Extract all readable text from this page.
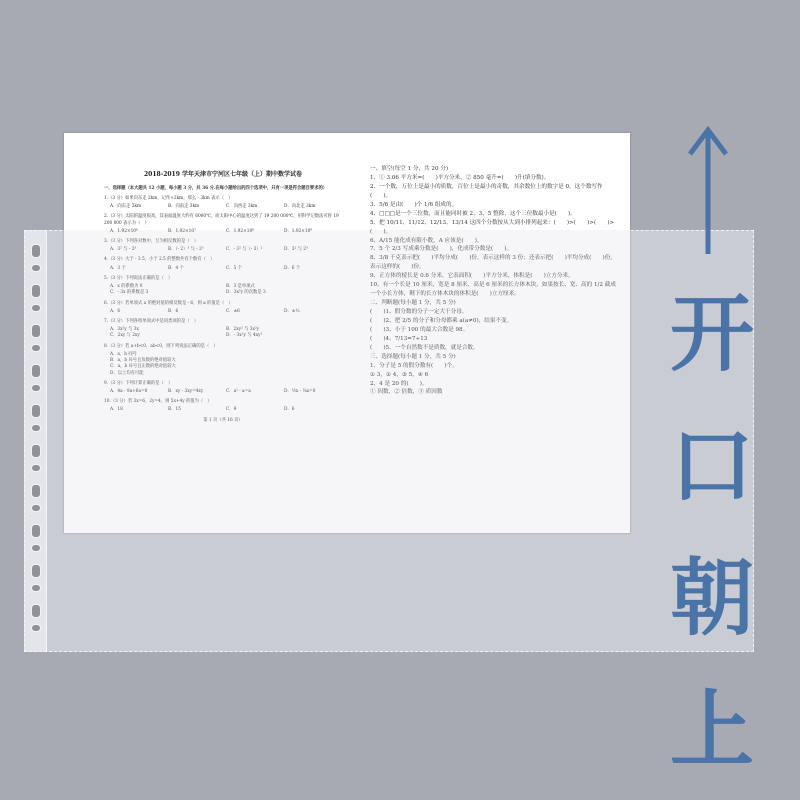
2018-2019 学年天津市宁河区七年级（上）期中数学试卷
一、选择题（本大题共 12 小题，每小题 3 分，共 36 分.在每小题给出的四个选项中，只有一项是符合题目要求的）
1.（3 分）如果向东走 2km，记作+2km，那么 - 3km 表示（　）
A．向东走 3km	B．向南走 3km	C．向西走 3km	D．向北走 3km
2.（3 分）太阳的温度很高，其表面温度大约有 6000℃，而太阳中心的温度达到了 19 200 000℃，用科学记数法可将 19 200 000 表示为（　）
A．1.92×10⁶	B．1.92×10⁷	C．1.92×10⁸	D．1.92×10⁹
3.（3 分）下列各对数中，互为相反数的是（　）
A．3² 与 - 2³	B．（- 2）³ 与 - 2³	C．- 3² 与（- 3）²	D．3² 与 2³
4.（3 分）大于 - 3.5，小于 2.5 的整数共有个数有（　）
A．3 个	B．4 个	C．5 个	D．6 个
5.（3 分）下列说法正确的是（　）
A．x 的系数为 0	B．3 是单项式
C．- 3x 的系数是 3	D．3x²y 的次数是 3
6.（3 分）若单项式 a 的绝对值的相反数是 - 6，则 a 的值是（　）
A．6	B．6	C．±6	D．±⅙
7.（3 分）下列各组单项式中是同类项的是（　）
A．3x²y 与 3x	B．2xy² 与 3x²y
C．2xy 与 2xy	D．- 3x²y 与 4xy²
8.（3 分）若 a+b<0，ab<0，则下列说法正确的是（　）
A．a，b 同号
B．a，b 异号且负数的绝对值较大
C．a，b 异号且正数的绝对值较大
D．以上均有可能
9.（3 分）下列计算正确的是（　）
A．4a - 9a+6a=0	B．xy - 3xy=4xy	C．a² - a=a	D．½x - ¼x=0
10.（3 分）若 3x=6，2y=4，则 5x+4y 的值为（　）
A．18	B．15	C．9	D．6
第 1 页（共 16 页）
一、填空(每空 1 分，共 20 分)
1、① 3.06 平方米=(　　)平方分米，② 850 毫升=(　　)升(填分数)。
2、一个数，万位上是最小的质数，百位上是最小的奇数，其余数位上的数字是 0，这个数写作(　　)。
3、5/6 是由(　　)个 1/6 组成的。
4、□□□是一个三位数，而且能同时被 2、3、5 整除，这个三位数最小是(　　)。
5、把 10/11、11/12、12/13、13/14 这四个分数按从大到小排列起来：(　　)>(　　)>(　　)>(　　)。
6、A/15 能化成有限小数，A 应该是(　　)。
7、5 个 2/3 写成乘分数是(　　)，化成带分数是(　　)。
8、3/8 千克表示把(　　)平均分成(　　)份，表示这样的 3 份；还表示把(　　)平均分成(　　)份，表示这样的(　　)份。
9、正方体的棱长是 0.6 分米，它表面积(　　)平方分米，体积是(　　)立方分米。
10、有一个长是 10 厘米，宽是 8 厘米，高是 6 厘米的长方体木块，如果按长、宽、高的 1/2 截成一个小长方体，剩下的长方体木块的体积是(　　)立方厘米。
二、判断题(每小题 1 分，共 5 分)
(　　)1、假分数的分子一定大于分母。
(　　)2、把 2/5 的分子和分母都乘 a(a≠0)，结果不变。
(　　)3、小于 100 的最大合数是 98。
(　　)4、7/13=7÷13
(　　)5、一个自然数不是质数，就是合数。
三、选择题(每小题 1 分，共 5 分)
1、分子是 5 的假分数有(　　)个。
① 3，② 4，③ 5，④ 6
2、4 是 20 的(　　)。
① 因数，② 倍数，③ 质因数
开
口
朝
上
